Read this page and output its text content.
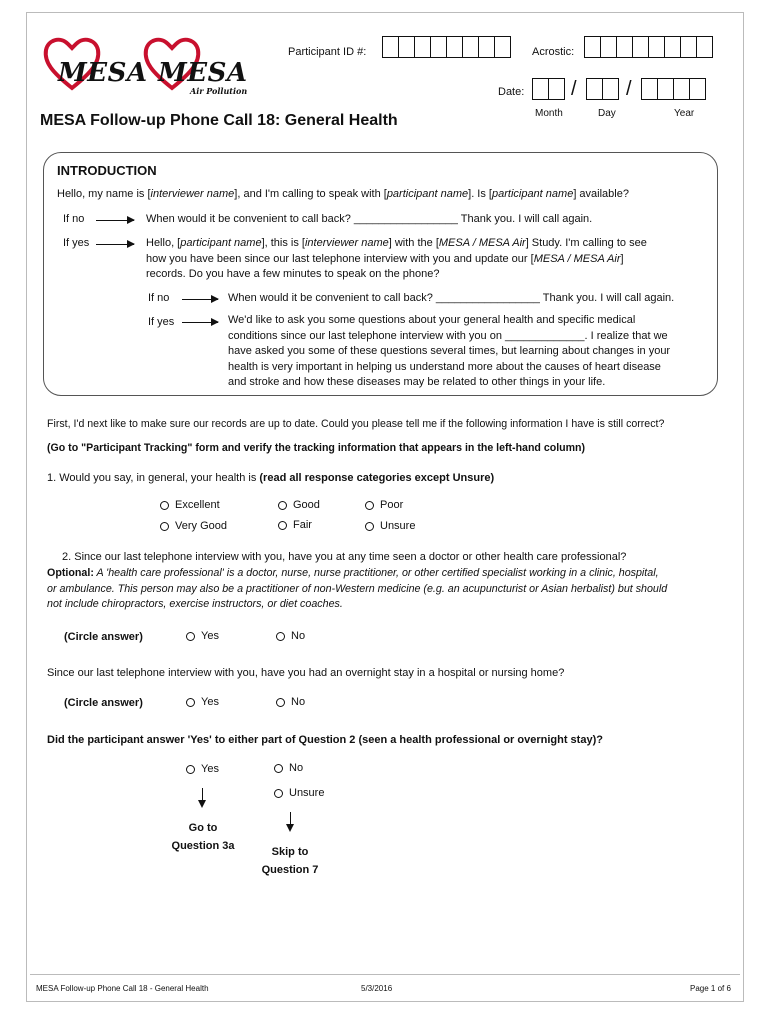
MESA MESA
Air Pollution
Participant ID #:	Acrostic:
Date: / /
Month	Day	Year
MESA Follow-up Phone Call 18: General Health
INTRODUCTION
Hello, my name is [interviewer name], and I'm calling to speak with [participant name]. Is [participant name] available?
If no	When would it be convenient to call back? _________________ Thank you. I will call again.
If yes	Hello, [participant name], this is [interviewer name] with the [MESA / MESA Air] Study. I'm calling to see
how you have been since our last telephone interview with you and update our [MESA / MESA Air]
records. Do you have a few minutes to speak on the phone?
If no	When would it be convenient to call back? _________________ Thank you. I will call again.
If yes	We'd like to ask you some questions about your general health and specific medical
conditions since our last telephone interview with you on _____________. I realize that we
have asked you some of these questions several times, but learning about changes in your
health is very important in helping us understand more about the causes of heart disease
and stroke and how these diseases may be related to other things in your life.
First, I'd next like to make sure our records are up to date. Could you please tell me if the following information I have is still correct?
(Go to "Participant Tracking" form and verify the tracking information that appears in the left-hand column)
1. Would you say, in general, your health is (read all response categories except Unsure)
Excellent	Good	Poor
Very Good	Fair	Unsure
2. Since our last telephone interview with you, have you at any time seen a doctor or other health care professional?
Optional: A 'health care professional' is a doctor, nurse, nurse practitioner, or other certified specialist working in a clinic, hospital,
or ambulance. This person may also be a practitioner of non-Western medicine (e.g. an acupuncturist or Asian herbalist) but should
not include chiropractors, exercise instructors, or diet coaches.
(Circle answer)	Yes	No
Since our last telephone interview with you, have you had an overnight stay in a hospital or nursing home?
(Circle answer)	Yes	No
Did the participant answer 'Yes' to either part of Question 2 (seen a health professional or overnight stay)?
Yes	No
Unsure
Go to
Question 3a	Skip to
Question 7
MESA Follow-up Phone Call 18 - General Health	5/3/2016	Page 1 of 6
